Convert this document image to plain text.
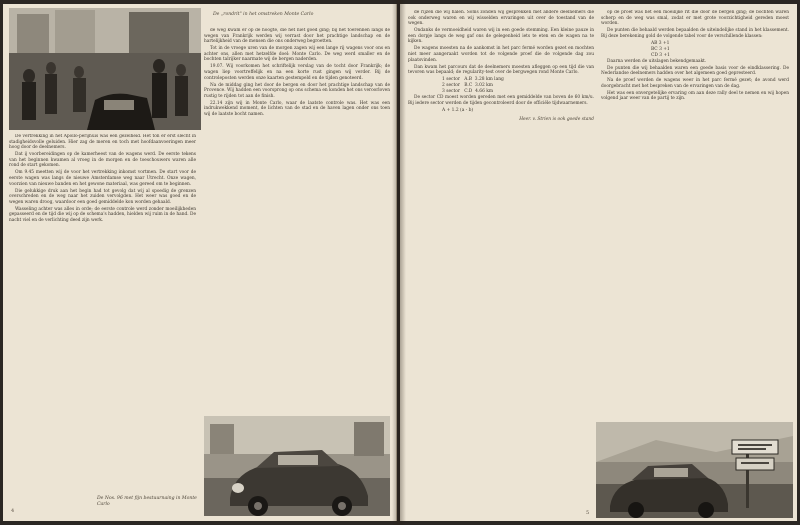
De „rondrit" in het omstreken Monte Carlo

De vertrekking in het Apollo-perijhuis was een gezelheid. Het ton er erst slecht in stadigheidsvolle geluiden. Hier zag de meren en toch met hoofdaanvoeringen meer hoog door de deelnemers.

Dat ij voorbereidingen op de kamerheest van de wagens werd. De eerste tekens van het beginnen kwamen al vroeg in de morgen en de toeschouwers waren alle rond de start gekomen.

Om 9.45 meetten wij de voor het vertrekking inkomst vortmen. De start voor de eerste wagen was langs de nieuwe Amsterdamse weg naar Utrecht. Onze wagen, voorzien van nieuwe banden en het gewone materiaal, was gereed om te beginnen.

Die gelukkige druk aan het begin had tot gevolg dat wij al spoedig de grenzen overschreden en de weg naar het zuiden vervolgden. Het weer was goed en de wegen waren droog, waardoor een goed gemiddelde kon worden gehaald.

Wasseling achter was alles in orde; de eerste controle werd zonder moeilijkheden gepasseerd en de tijd die wij op de schema's hadden, hielden wij ruim in de hand. De nacht viel en de verlichting deed zijn werk.

de weg kwam er op de hoogte, die het niet goed ging; bij het toerennen langs de wegen van Frankrijk werden wij verrast door het prachtige landschap en de hartelijkheid van de mensen die ons onderweg begroetten.

Tot in de vroege uren van de morgen zagen wij een lange rij wagens voor ons en achter ons, allen met hetzelfde doel: Monte Carlo. De weg werd smaller en de bochten talrijker naarmate wij de bergen naderden.

19.07. Wij voorkomen het schriftelijk verslag van de tocht door Frankrijk; de wagen liep voortreffelijk en na een korte rust gingen wij verder. Bij de controleposten werden onze kaarten gestempeld en de tijden genoteerd.

Na de middag ging het door de bergen en door het prachtige landschap van de Provence. Wij hadden een voorsprong op ons schema en konden het ons veroorloven rustig te rijden tot aan de finish.

22.14 zijn wij in Monte Carlo, waar de laatste controle was. Het was een indrukwekkend moment, de lichten van de stad en de haven lagen onder ons toen wij de laatste bocht namen.

De Nos. 96 met fijn bestuurnaing in Monte Carlo
4

de rijzen die wij halen. Soms zonden wij gesprekken met andere deelnemers die ook onderweg waren en wij wisselden ervaringen uit over de toestand van de wegen.

Ondanks de vermoeidheid waren wij in een goede stemming. Een kleine pauze in een dorpje langs de weg gaf ons de gelegenheid iets te eten en de wagen na te kijken.

De wagens moesten na de aankomst in het parc fermé worden gezet en mochten niet meer aangeraakt worden tot de volgende proef die de volgende dag zou plaatsvinden.

Dan kwam het parcours dat de deelnemers moesten afleggen op een tijd die van tevoren was bepaald; de regularity-test over de bergwegen rond Monte Carlo.

1 sector   A.B  3.28 km lang
2 sector   B.C  3.02 km
3 sector   C.D  4.66 km

De sector CD moest worden gereden met een gemiddelde van boven de 60 km/u. Bij iedere sector werden de tijden gecontroleerd door de officiële tijdwaarnemers.

A + 1.2 (a - b)
Heer. v. Strien is ook goede stand

op de proef was het een moeilijke rit die door de bergen ging; de bochten waren scherp en de weg was smal, zodat er met grote voorzichtigheid gereden moest worden.

De punten die behaald werden bepaalden de uiteindelijke stand in het klassement. Bij deze berekening gold de volgende tabel voor de verschillende klassen:

AB 3 +1
BC 3 +1
CD 3 +1

Daarna werden de uitslagen bekendgemaakt.

De punten die wij behaalden waren een goede basis voor de eindklassering. De Nederlandse deelnemers hadden over het algemeen goed gepresteerd.

Na de proef werden de wagens weer in het parc fermé gezet; de avond werd doorgebracht met het bespreken van de ervaringen van de dag.

Het was een onvergetelijke ervaring om aan deze rally deel te nemen en wij hopen volgend jaar weer van de partij te zijn.

5
